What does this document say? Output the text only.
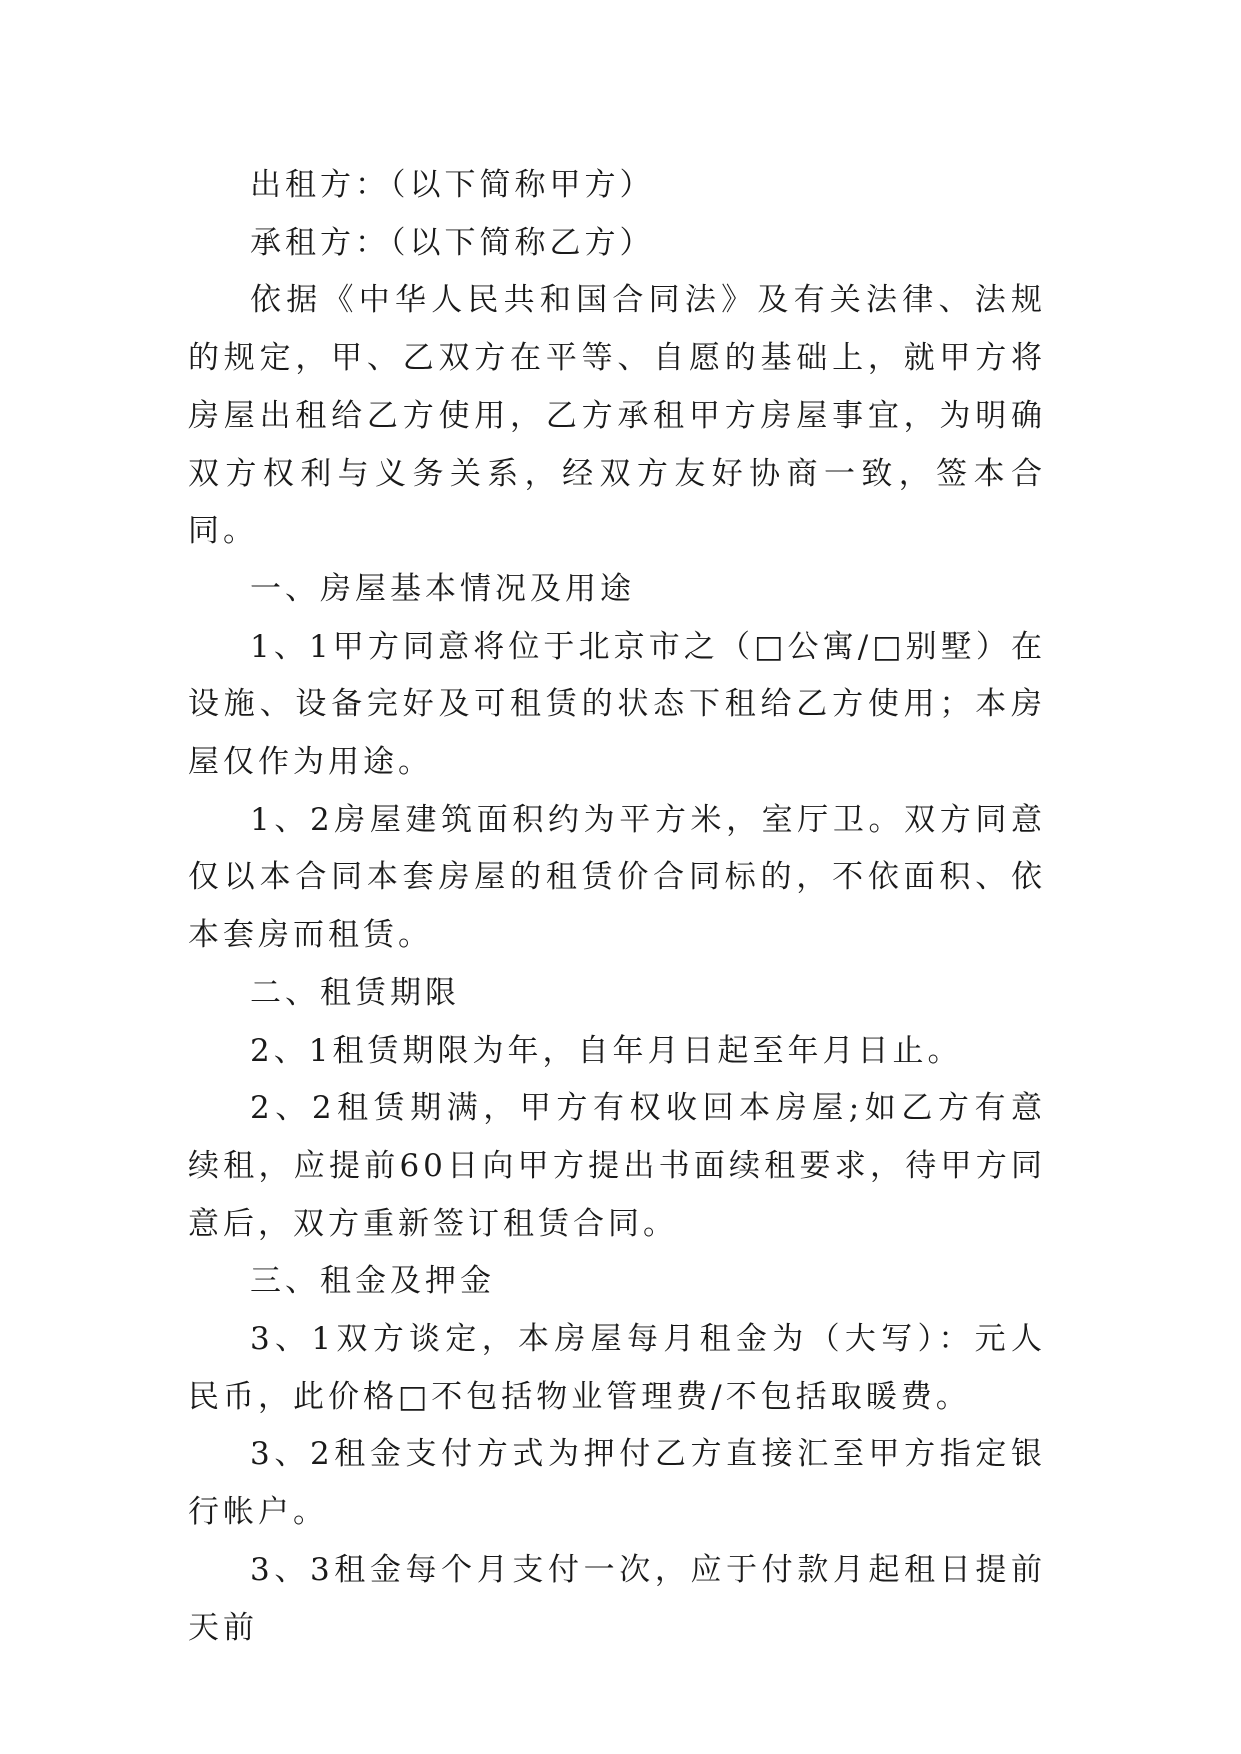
出租方：（以下简称甲方）

承租方：（以下简称乙方）

依据《中华人民共和国合同法》及有关法律、法规的规定，甲、乙双方在平等、自愿的基础上，就甲方将房屋出租给乙方使用，乙方承租甲方房屋事宜，为明确双方权利与义务关系，经双方友好协商一致，签本合同。

一、房屋基本情况及用途

1、1甲方同意将位于北京市之（□公寓/□别墅）在设施、设备完好及可租赁的状态下租给乙方使用；本房屋仅作为用途。

1、2房屋建筑面积约为平方米，室厅卫。双方同意仅以本合同本套房屋的租赁价合同标的，不依面积、依本套房而租赁。

二、租赁期限

2、1租赁期限为年，自年月日起至年月日止。

2、2租赁期满，甲方有权收回本房屋;如乙方有意续租，应提前60日向甲方提出书面续租要求，待甲方同意后，双方重新签订租赁合同。

三、租金及押金

3、1双方谈定，本房屋每月租金为（大写）：元人民币，此价格□不包括物业管理费/不包括取暖费。

3、2租金支付方式为押付乙方直接汇至甲方指定银行帐户。

3、3租金每个月支付一次，应于付款月起租日提前天前
